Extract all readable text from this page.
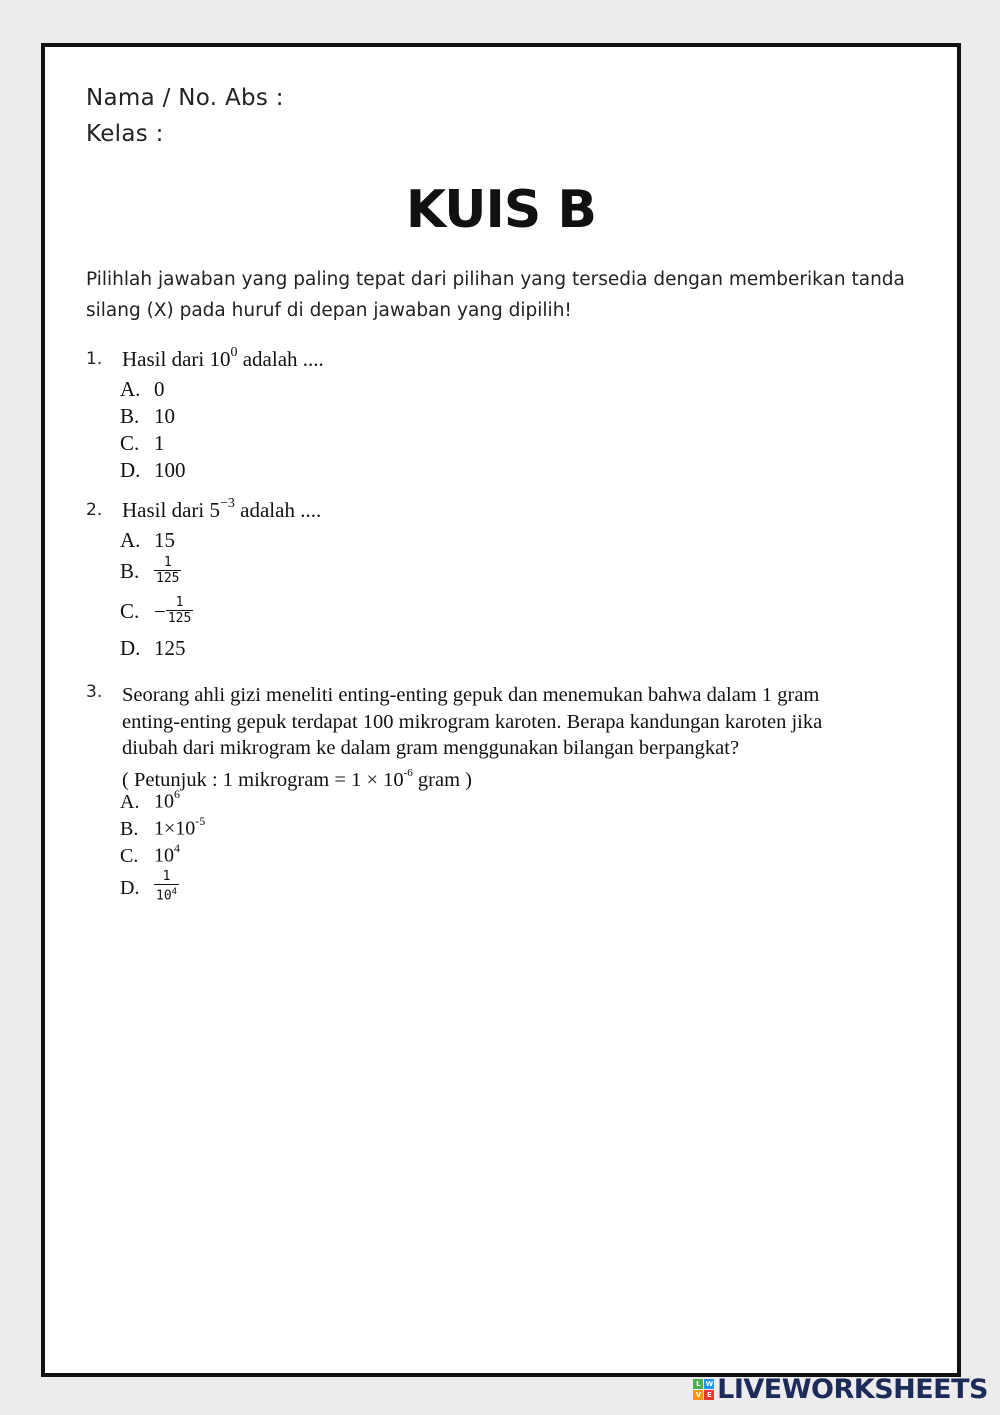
Nama / No. Abs :
Kelas :
KUIS B
Pilihlah jawaban yang paling tepat dari pilihan yang tersedia dengan memberikan tanda silang (X) pada huruf di depan jawaban yang dipilih!
1. Hasil dari $10^0$ adalah ....
A. 0
B. 10
C. 1
D. 100
2. Hasil dari $5^{-3}$ adalah ....
A. 15
B. $\frac{1}{125}$
C. − $\frac{1}{125}$
D. 125
3. Seorang ahli gizi meneliti enting-enting gepuk dan menemukan bahwa dalam 1 gram
enting-enting gepuk terdapat 100 mikrogram karoten. Berapa kandungan karoten jika
diubah dari mikrogram ke dalam gram menggunakan bilangan berpangkat?
( Petunjuk : 1 mikrogram = $1 \times 10^{-6}$ gram )
A. $10^6$
B. $1\times 10^{-5}$
C. $10^4$
D. $\frac{1}{10^4}$
L W
V E LIVEWORKSHEETS
